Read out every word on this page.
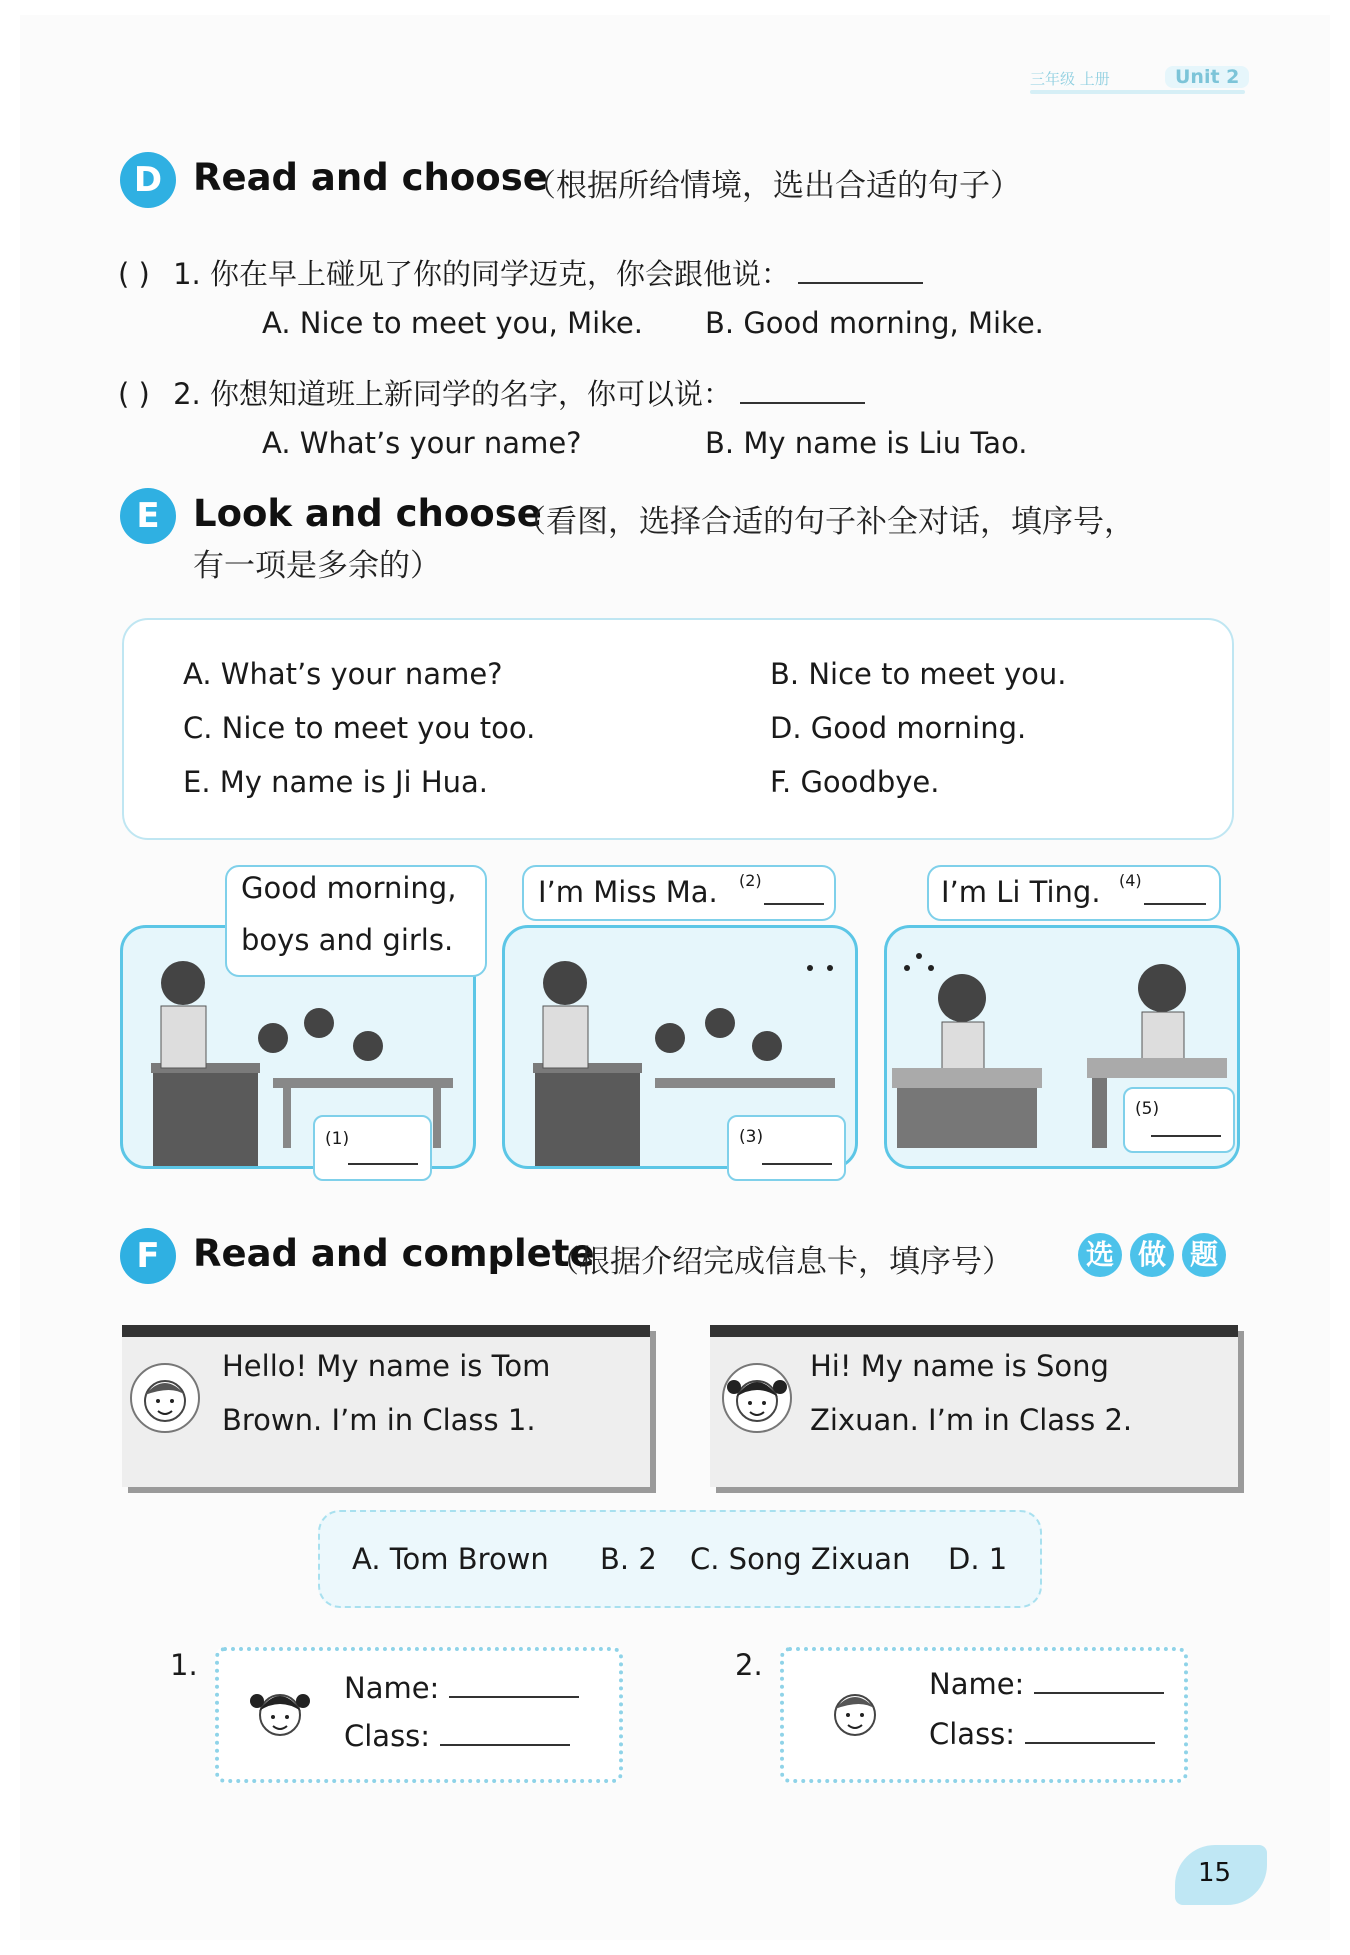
三年级 上册	Unit 2
D Read and choose
（根据所给情境，选出合适的句子）
( ) 1. 你在早上碰见了你的同学迈克，你会跟他说：
A. Nice to meet you, Mike. B. Good morning, Mike.
( ) 2. 你想知道班上新同学的名字，你可以说：
A. What’s your name?	B. My name is Liu Tao.
E Look and choose
（看图，选择合适的句子补全对话，填序号，
有一项是多余的）
A. What’s your name?	B. Nice to meet you.
C. Nice to meet you too.	D. Good morning.
E. My name is Ji Hua.	F. Goodbye.
Good morning,
boys and girls.
I’m Miss Ma. (2)	I’m Li Ting. (4)
(1)	(3)
(5)
F Read and complete
（根据介绍完成信息卡，填序号）	选 做 题
Hello! My name is Tom
Brown. I’m in Class 1.
Hi! My name is Song
Zixuan. I’m in Class 2.
A. Tom Brown B. 2 C. Song Zixuan D. 1
1.
Name:
Class:
2.
Name:
Class:
15
